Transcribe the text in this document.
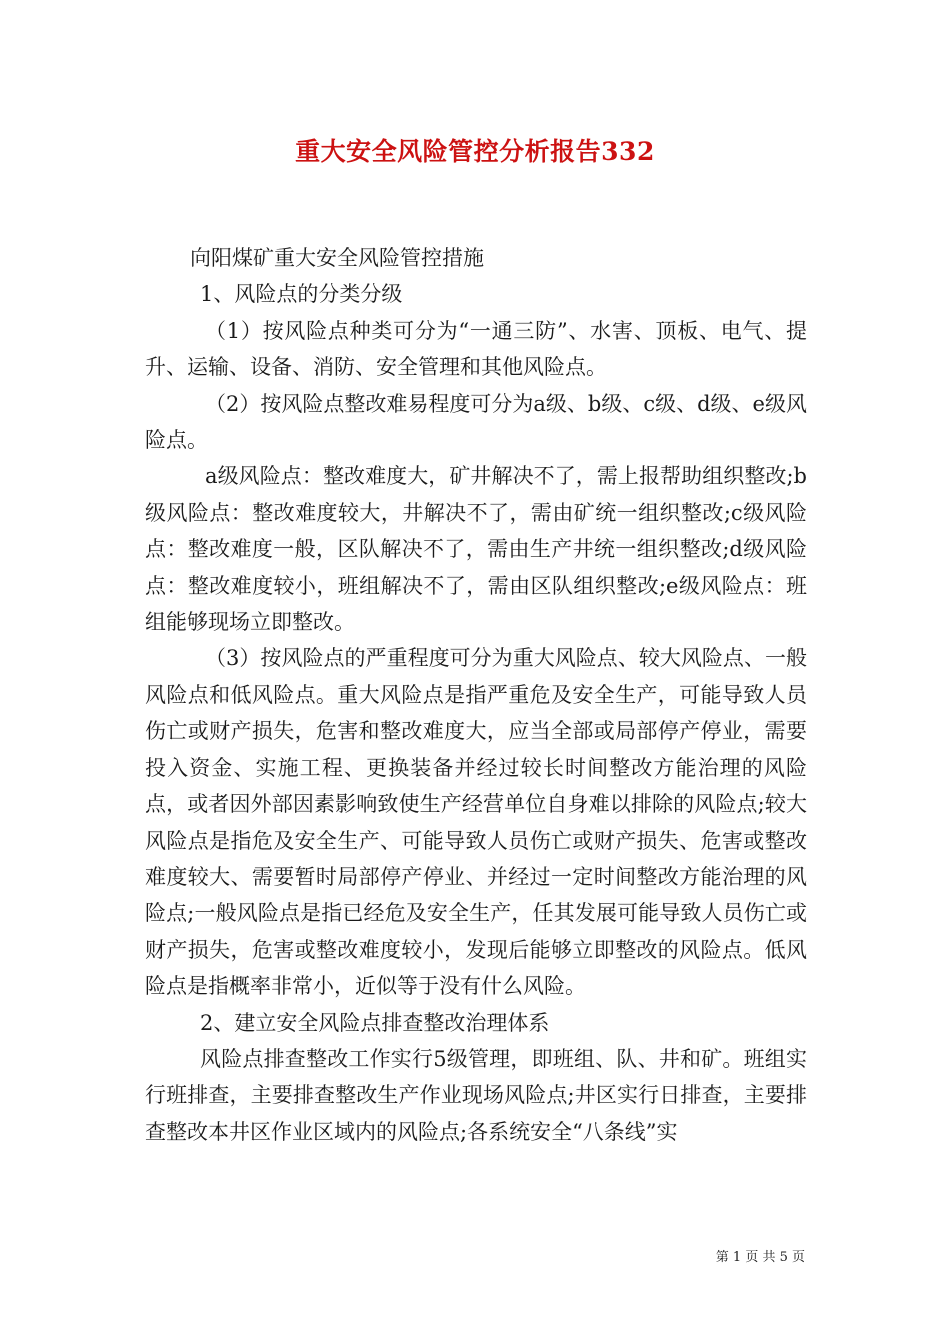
重大安全风险管控分析报告332

向阳煤矿重大安全风险管控措施

1、风险点的分类分级

（1）按风险点种类可分为“一通三防”、水害、顶板、电气、提升、运输、设备、消防、安全管理和其他风险点。

（2）按风险点整改难易程度可分为a级、b级、c级、d级、e级风险点。

a级风险点：整改难度大，矿井解决不了，需上报帮助组织整改;b级风险点：整改难度较大，井解决不了，需由矿统一组织整改;c级风险点：整改难度一般，区队解决不了，需由生产井统一组织整改;d级风险点：整改难度较小，班组解决不了，需由区队组织整改;e级风险点：班组能够现场立即整改。

（3）按风险点的严重程度可分为重大风险点、较大风险点、一般风险点和低风险点。重大风险点是指严重危及安全生产，可能导致人员伤亡或财产损失，危害和整改难度大，应当全部或局部停产停业，需要投入资金、实施工程、更换装备并经过较长时间整改方能治理的风险点，或者因外部因素影响致使生产经营单位自身难以排除的风险点;较大风险点是指危及安全生产、可能导致人员伤亡或财产损失、危害或整改难度较大、需要暂时局部停产停业、并经过一定时间整改方能治理的风险点;一般风险点是指已经危及安全生产，任其发展可能导致人员伤亡或财产损失，危害或整改难度较小，发现后能够立即整改的风险点。低风险点是指概率非常小，近似等于没有什么风险。

2、建立安全风险点排查整改治理体系

风险点排查整改工作实行5级管理，即班组、队、井和矿。班组实行班排查，主要排查整改生产作业现场风险点;井区实行日排查，主要排查整改本井区作业区域内的风险点;各系统安全“八条线”实

第 1 页 共 5 页
